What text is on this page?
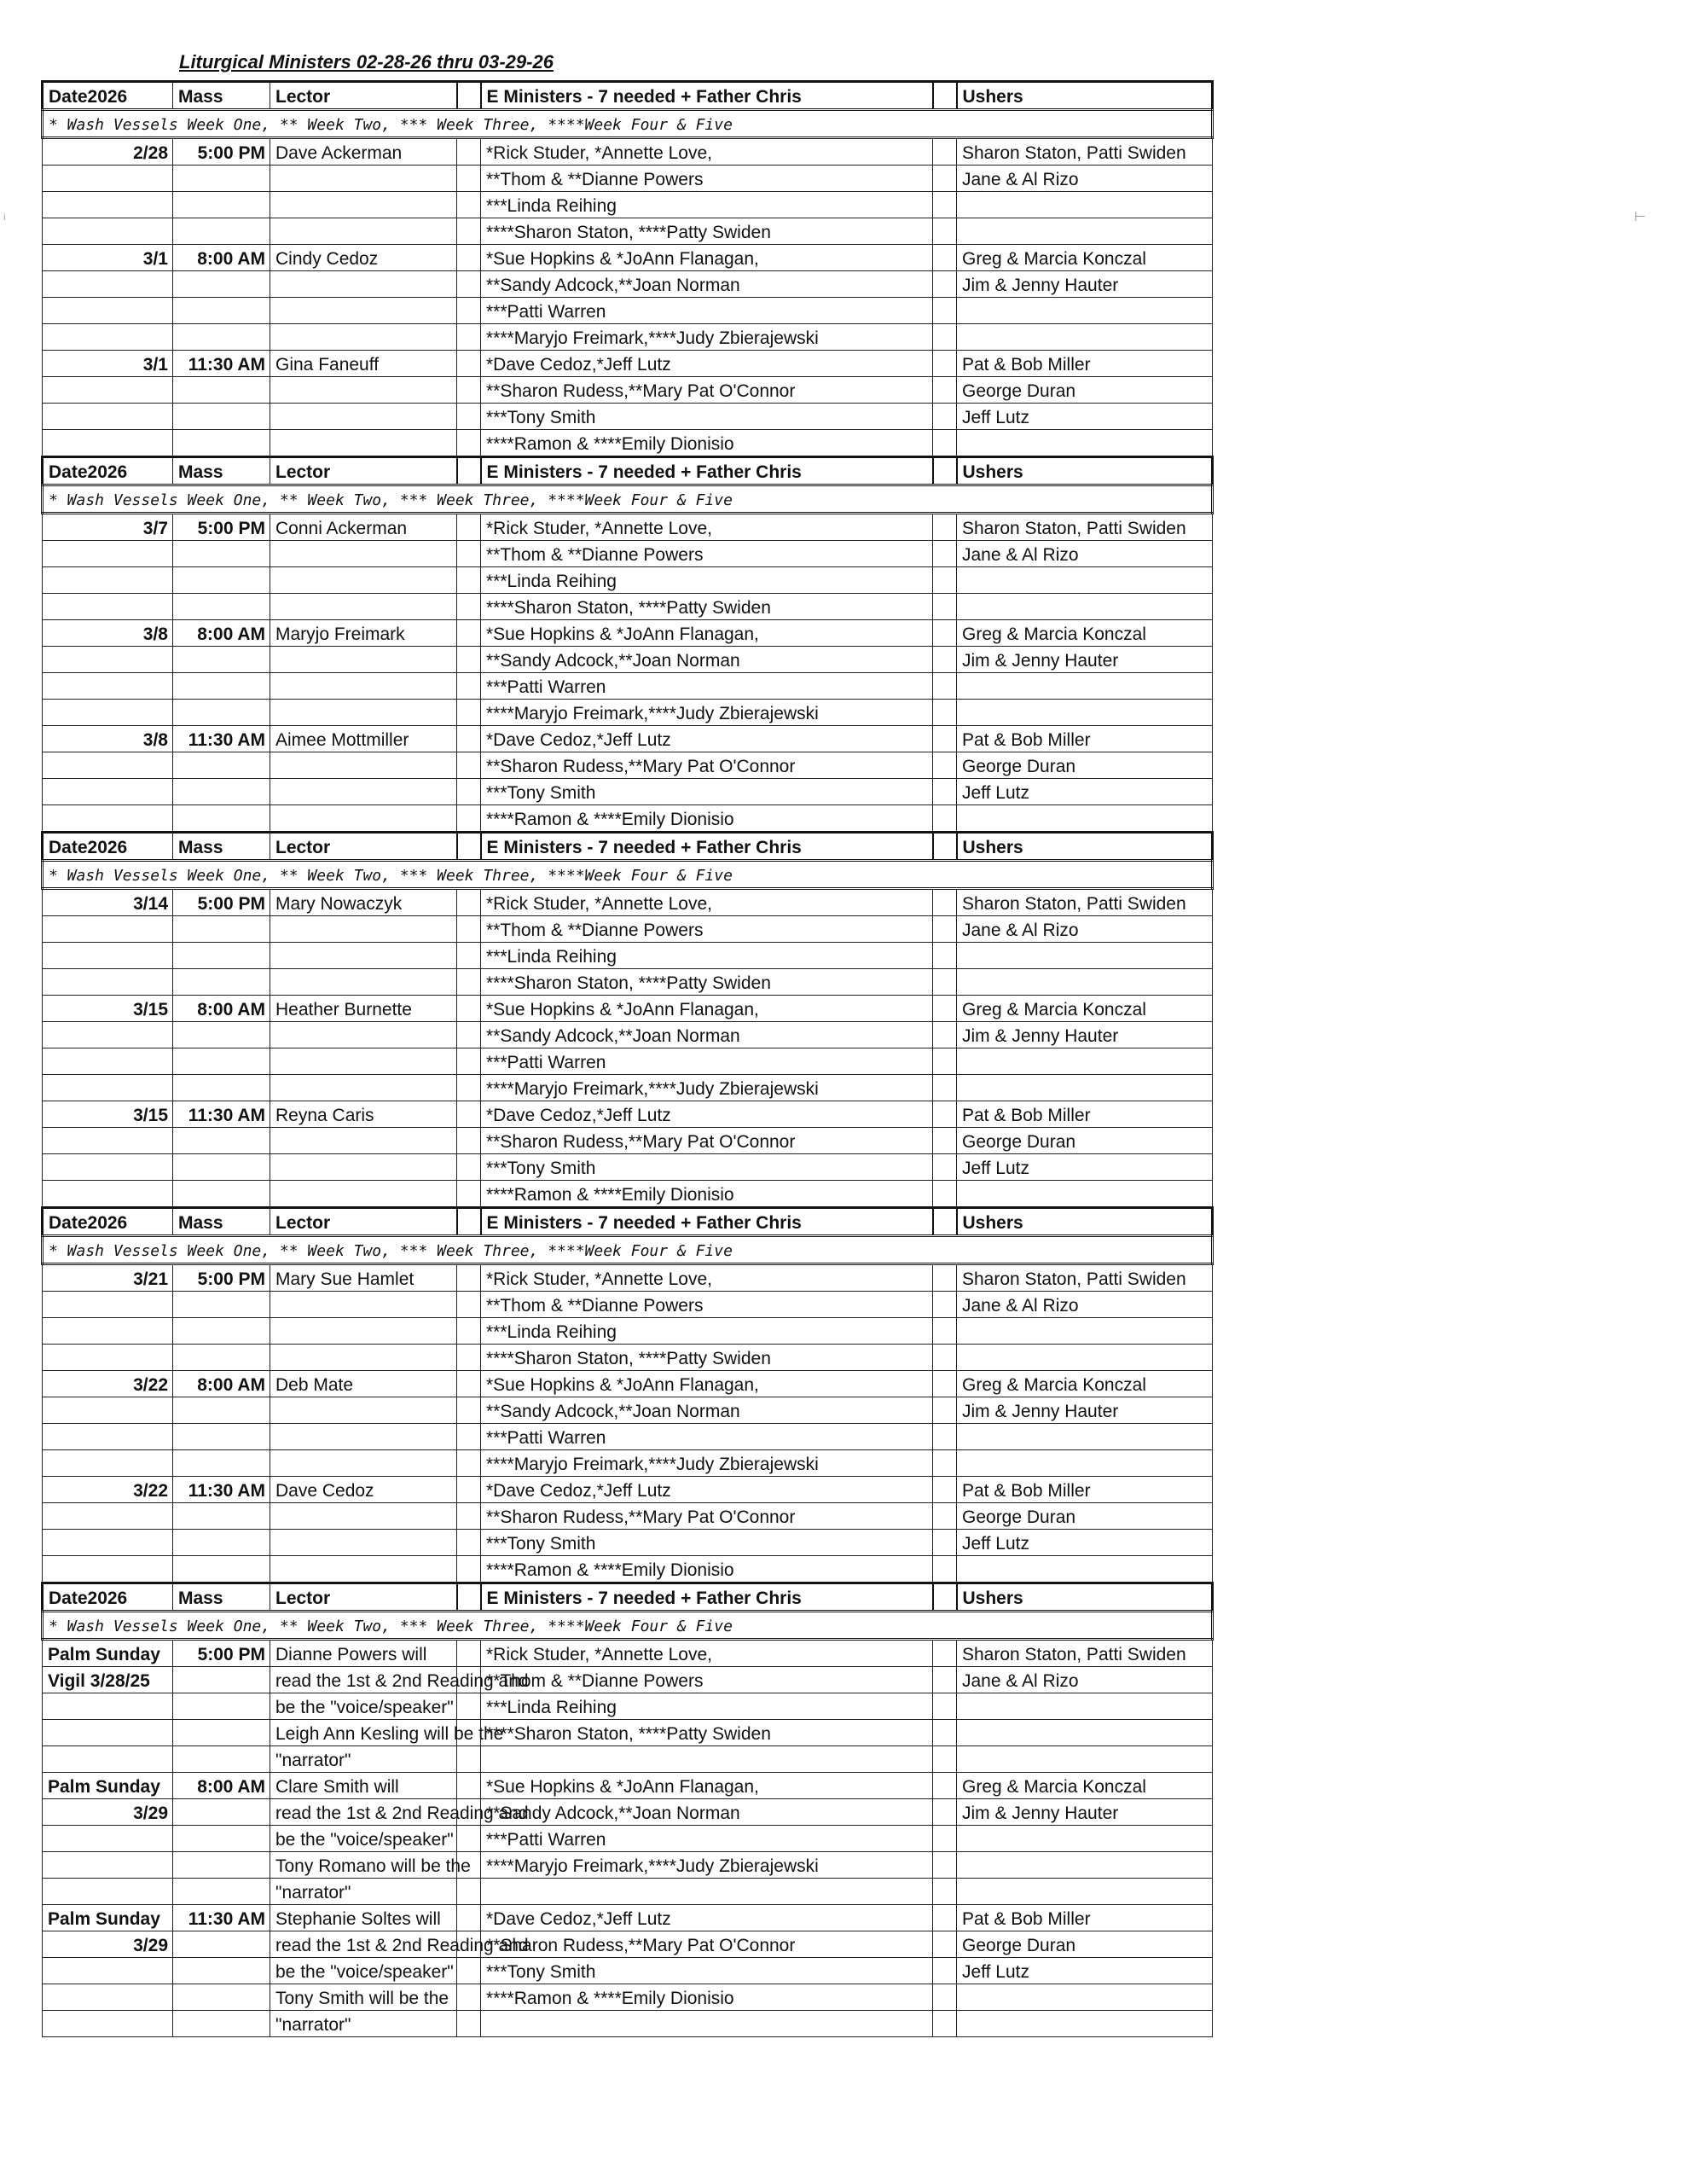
Liturgical Ministers 02-28-26 thru 03-29-26
ᵢ	⊢
Date2026	Mass	Lector		E Ministers - 7 needed + Father Chris		Ushers
* Wash Vessels Week One, ** Week Two, *** Week Three, ****Week Four & Five						
2/28	5:00 PM	Dave Ackerman		*Rick Studer, *Annette Love,		Sharon Staton, Patti Swiden
				**Thom & **Dianne Powers		Jane & Al Rizo
				***Linda Reihing		
				****Sharon Staton, ****Patty Swiden		
3/1	8:00 AM	Cindy Cedoz		*Sue Hopkins & *JoAnn Flanagan,		Greg & Marcia Konczal
				**Sandy Adcock,**Joan Norman		Jim & Jenny Hauter
				***Patti Warren		
				****Maryjo Freimark,****Judy Zbierajewski		
3/1	11:30 AM	Gina Faneuff		*Dave Cedoz,*Jeff Lutz		Pat & Bob Miller
				**Sharon Rudess,**Mary Pat O'Connor		George Duran
				***Tony Smith		Jeff Lutz
				****Ramon & ****Emily Dionisio		
Date2026	Mass	Lector		E Ministers - 7 needed + Father Chris		Ushers
* Wash Vessels Week One, ** Week Two, *** Week Three, ****Week Four & Five						
3/7	5:00 PM	Conni Ackerman		*Rick Studer, *Annette Love,		Sharon Staton, Patti Swiden
				**Thom & **Dianne Powers		Jane & Al Rizo
				***Linda Reihing		
				****Sharon Staton, ****Patty Swiden		
3/8	8:00 AM	Maryjo Freimark		*Sue Hopkins & *JoAnn Flanagan,		Greg & Marcia Konczal
				**Sandy Adcock,**Joan Norman		Jim & Jenny Hauter
				***Patti Warren		
				****Maryjo Freimark,****Judy Zbierajewski		
3/8	11:30 AM	Aimee Mottmiller		*Dave Cedoz,*Jeff Lutz		Pat & Bob Miller
				**Sharon Rudess,**Mary Pat O'Connor		George Duran
				***Tony Smith		Jeff Lutz
				****Ramon & ****Emily Dionisio		
Date2026	Mass	Lector		E Ministers - 7 needed + Father Chris		Ushers
* Wash Vessels Week One, ** Week Two, *** Week Three, ****Week Four & Five						
3/14	5:00 PM	Mary Nowaczyk		*Rick Studer, *Annette Love,		Sharon Staton, Patti Swiden
				**Thom & **Dianne Powers		Jane & Al Rizo
				***Linda Reihing		
				****Sharon Staton, ****Patty Swiden		
3/15	8:00 AM	Heather Burnette		*Sue Hopkins & *JoAnn Flanagan,		Greg & Marcia Konczal
				**Sandy Adcock,**Joan Norman		Jim & Jenny Hauter
				***Patti Warren		
				****Maryjo Freimark,****Judy Zbierajewski		
3/15	11:30 AM	Reyna Caris		*Dave Cedoz,*Jeff Lutz		Pat & Bob Miller
				**Sharon Rudess,**Mary Pat O'Connor		George Duran
				***Tony Smith		Jeff Lutz
				****Ramon & ****Emily Dionisio		
Date2026	Mass	Lector		E Ministers - 7 needed + Father Chris		Ushers
* Wash Vessels Week One, ** Week Two, *** Week Three, ****Week Four & Five						
3/21	5:00 PM	Mary Sue Hamlet		*Rick Studer, *Annette Love,		Sharon Staton, Patti Swiden
				**Thom & **Dianne Powers		Jane & Al Rizo
				***Linda Reihing		
				****Sharon Staton, ****Patty Swiden		
3/22	8:00 AM	Deb Mate		*Sue Hopkins & *JoAnn Flanagan,		Greg & Marcia Konczal
				**Sandy Adcock,**Joan Norman		Jim & Jenny Hauter
				***Patti Warren		
				****Maryjo Freimark,****Judy Zbierajewski		
3/22	11:30 AM	Dave Cedoz		*Dave Cedoz,*Jeff Lutz		Pat & Bob Miller
				**Sharon Rudess,**Mary Pat O'Connor		George Duran
				***Tony Smith		Jeff Lutz
				****Ramon & ****Emily Dionisio		
Date2026	Mass	Lector		E Ministers - 7 needed + Father Chris		Ushers
* Wash Vessels Week One, ** Week Two, *** Week Three, ****Week Four & Five						
Palm Sunday	5:00 PM	Dianne Powers will		*Rick Studer, *Annette Love,		Sharon Staton, Patti Swiden
Vigil 3/28/25		read the 1st & 2nd Reading and		**Thom & **Dianne Powers		Jane & Al Rizo
		be the "voice/speaker"		***Linda Reihing		
		Leigh Ann Kesling will be the		****Sharon Staton, ****Patty Swiden		
		"narrator"				
Palm Sunday	8:00 AM	Clare Smith will		*Sue Hopkins & *JoAnn Flanagan,		Greg & Marcia Konczal
3/29		read the 1st & 2nd Reading and		**Sandy Adcock,**Joan Norman		Jim & Jenny Hauter
		be the "voice/speaker"		***Patti Warren		
		Tony Romano will be the		****Maryjo Freimark,****Judy Zbierajewski		
		"narrator"				
Palm Sunday	11:30 AM	Stephanie Soltes will		*Dave Cedoz,*Jeff Lutz		Pat & Bob Miller
3/29		read the 1st & 2nd Reading and		**Sharon Rudess,**Mary Pat O'Connor		George Duran
		be the "voice/speaker"		***Tony Smith		Jeff Lutz
		Tony Smith will be the		****Ramon & ****Emily Dionisio		
		"narrator"				
